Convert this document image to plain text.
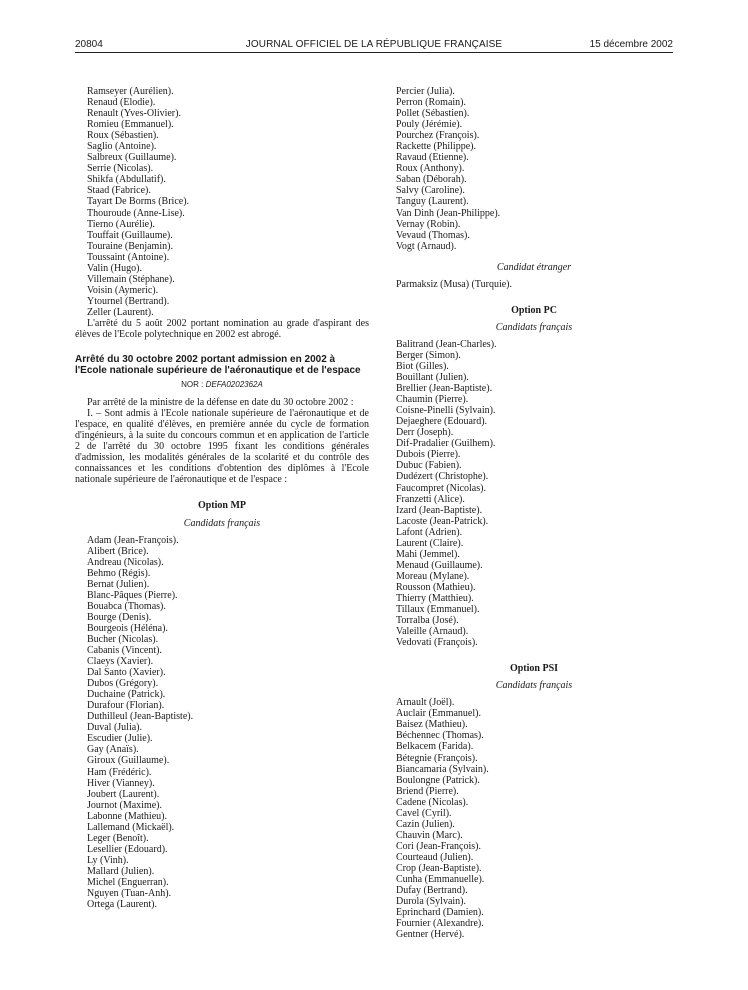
20804	JOURNAL OFFICIEL DE LA RÉPUBLIQUE FRANÇAISE	15 décembre 2002
Ramseyer (Aurélien).
Renaud (Elodie).
Renault (Yves-Olivier).
Romieu (Emmanuel).
Roux (Sébastien).
Saglio (Antoine).
Salbreux (Guillaume).
Serrie (Nicolas).
Shikfa (Abdullatif).
Staad (Fabrice).
Tayart De Borms (Brice).
Thouroude (Anne-Lise).
Tierno (Aurélie).
Touffait (Guillaume).
Touraine (Benjamin).
Toussaint (Antoine).
Valin (Hugo).
Villemain (Stéphane).
Voisin (Aymeric).
Ytournel (Bertrand).
Zeller (Laurent).

L'arrêté du 5 août 2002 portant nomination au grade d'aspirant des élèves de l'Ecole polytechnique en 2002 est abrogé.

Arrêté du 30 octobre 2002 portant admission en 2002 à l'Ecole nationale supérieure de l'aéronautique et de l'espace
NOR : DEFA0202362A

Par arrêté de la ministre de la défense en date du 30 octobre 2002 :

I. – Sont admis à l'Ecole nationale supérieure de l'aéronautique et de l'espace, en qualité d'élèves, en première année du cycle de formation d'ingénieurs, à la suite du concours commun et en application de l'article 2 de l'arrêté du 30 octobre 1995 fixant les conditions générales d'admission, les modalités générales de la scolarité et du contrôle des connaissances et les conditions d'obtention des diplômes à l'Ecole nationale supérieure de l'aéronautique et de l'espace :

Option MP
Candidats français
Adam (Jean-François).
Alibert (Brice).
Andreau (Nicolas).
Behmo (Régis).
Bernat (Julien).
Blanc-Pâques (Pierre).
Bouabca (Thomas).
Bourge (Denis).
Bourgeois (Héléna).
Bucher (Nicolas).
Cabanis (Vincent).
Claeys (Xavier).
Dal Santo (Xavier).
Dubos (Grégory).
Duchaine (Patrick).
Durafour (Florian).
Duthilleul (Jean-Baptiste).
Duval (Julia).
Escudier (Julie).
Gay (Anaïs).
Giroux (Guillaume).
Ham (Frédéric).
Hiver (Vianney).
Joubert (Laurent).
Journot (Maxime).
Labonne (Mathieu).
Lallemand (Mickaël).
Leger (Benoît).
Lesellier (Edouard).
Ly (Vinh).
Mallard (Julien).
Michel (Enguerran).
Nguyen (Tuan-Anh).
Ortega (Laurent).
Percier (Julia).
Perron (Romain).
Pollet (Sébastien).
Pouly (Jérémie).
Pourchez (François).
Rackette (Philippe).
Ravaud (Etienne).
Roux (Anthony).
Saban (Déborah).
Salvy (Caroline).
Tanguy (Laurent).
Van Dinh (Jean-Philippe).
Vernay (Robin).
Vevaud (Thomas).
Vogt (Arnaud).
Candidat étranger
Parmaksiz (Musa) (Turquie).
Option PC
Candidats français
Balitrand (Jean-Charles).
Berger (Simon).
Biot (Gilles).
Bouillant (Julien).
Brellier (Jean-Baptiste).
Chaumin (Pierre).
Coisne-Pinelli (Sylvain).
Dejaeghere (Edouard).
Derr (Joseph).
Dif-Pradalier (Guilhem).
Dubois (Pierre).
Dubuc (Fabien).
Dudézert (Christophe).
Faucompret (Nicolas).
Franzetti (Alice).
Izard (Jean-Baptiste).
Lacoste (Jean-Patrick).
Lafont (Adrien).
Laurent (Claire).
Mahi (Jemmel).
Menaud (Guillaume).
Moreau (Mylane).
Rousson (Mathieu).
Thierry (Matthieu).
Tillaux (Emmanuel).
Torralba (José).
Valeille (Arnaud).
Vedovati (François).
Option PSI
Candidats français
Arnault (Joël).
Auclair (Emmanuel).
Baisez (Mathieu).
Béchennec (Thomas).
Belkacem (Farida).
Bétegnie (François).
Biancamaria (Sylvain).
Boulongne (Patrick).
Briend (Pierre).
Cadene (Nicolas).
Cavel (Cyril).
Cazin (Julien).
Chauvin (Marc).
Cori (Jean-François).
Courteaud (Julien).
Crop (Jean-Baptiste).
Cunha (Emmanuelle).
Dufay (Bertrand).
Durola (Sylvain).
Eprinchard (Damien).
Fournier (Alexandre).
Gentner (Hervé).
